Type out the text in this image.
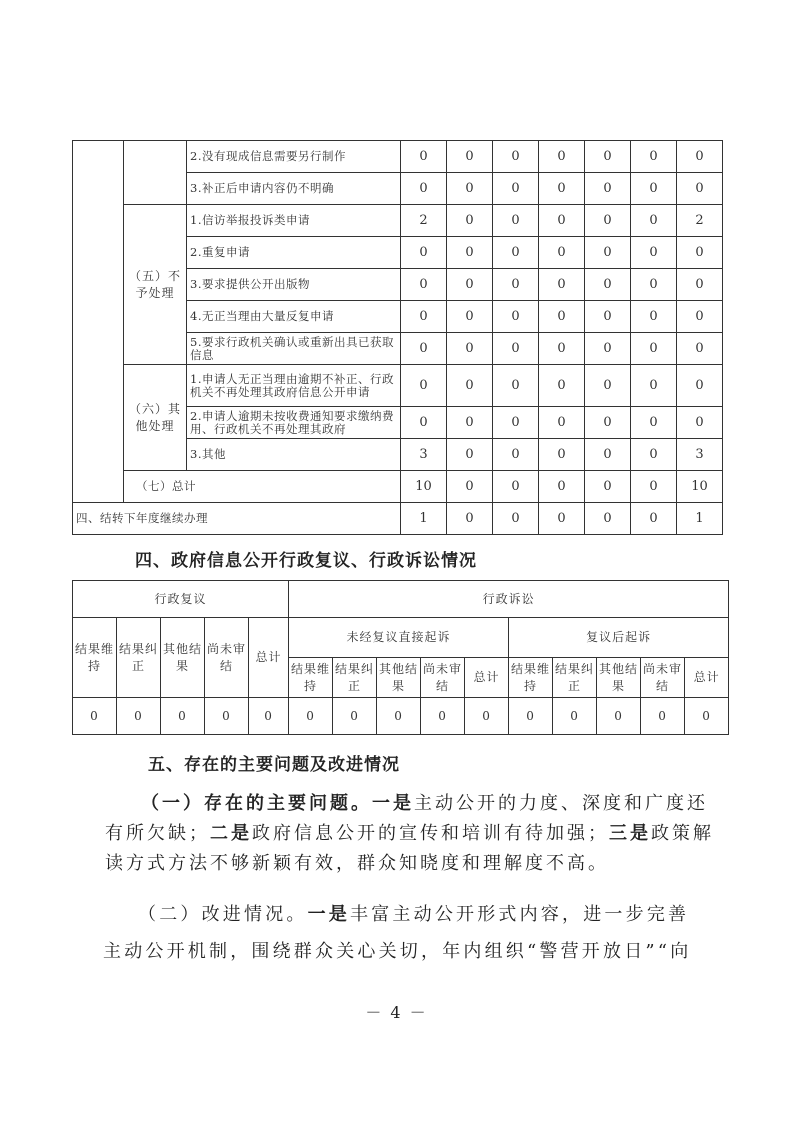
		2.没有现成信息需要另行制作	0	0	0	0	0	0	0
		3.补正后申请内容仍不明确	0	0	0	0	0	0	0
	（五）不予处理	1.信访举报投诉类申请	2	0	0	0	0	0	2
		2.重复申请	0	0	0	0	0	0	0
		3.要求提供公开出版物	0	0	0	0	0	0	0
		4.无正当理由大量反复申请	0	0	0	0	0	0	0
		5.要求行政机关确认或重新出具已获取信息	0	0	0	0	0	0	0
	（六）其他处理	1.申请人无正当理由逾期不补正、行政机关不再处理其政府信息公开申请	0	0	0	0	0	0	0
		2.申请人逾期未按收费通知要求缴纳费用、行政机关不再处理其政府	0	0	0	0	0	0	0
		3.其他	3	0	0	0	0	0	3
	（七）总计		10	0	0	0	0	0	10
四、结转下年度继续办理			1	0	0	0	0	0	1
四、政府信息公开行政复议、行政诉讼情况
行政复议					行政诉讼									
结果维持	结果纠正	其他结果	尚未审结	总计	未经复议直接起诉					复议后起诉				
					结果维持	结果纠正	其他结果	尚未审结	总计	结果维持	结果纠正	其他结果	尚未审结	总计
0	0	0	0	0	0	0	0	0	0	0	0	0	0	0
五、存在的主要问题及改进情况
（一）存在的主要问题。一是主动公开的力度、深度和广度还有所欠缺；二是政府信息公开的宣传和培训有待加强；三是政策解读方式方法不够新颖有效，群众知晓度和理解度不高。
（二）改进情况。一是丰富主动公开形式内容，进一步完善
主动公开机制，围绕群众关心关切，年内组织“警营开放日”“向
－ 4 －
